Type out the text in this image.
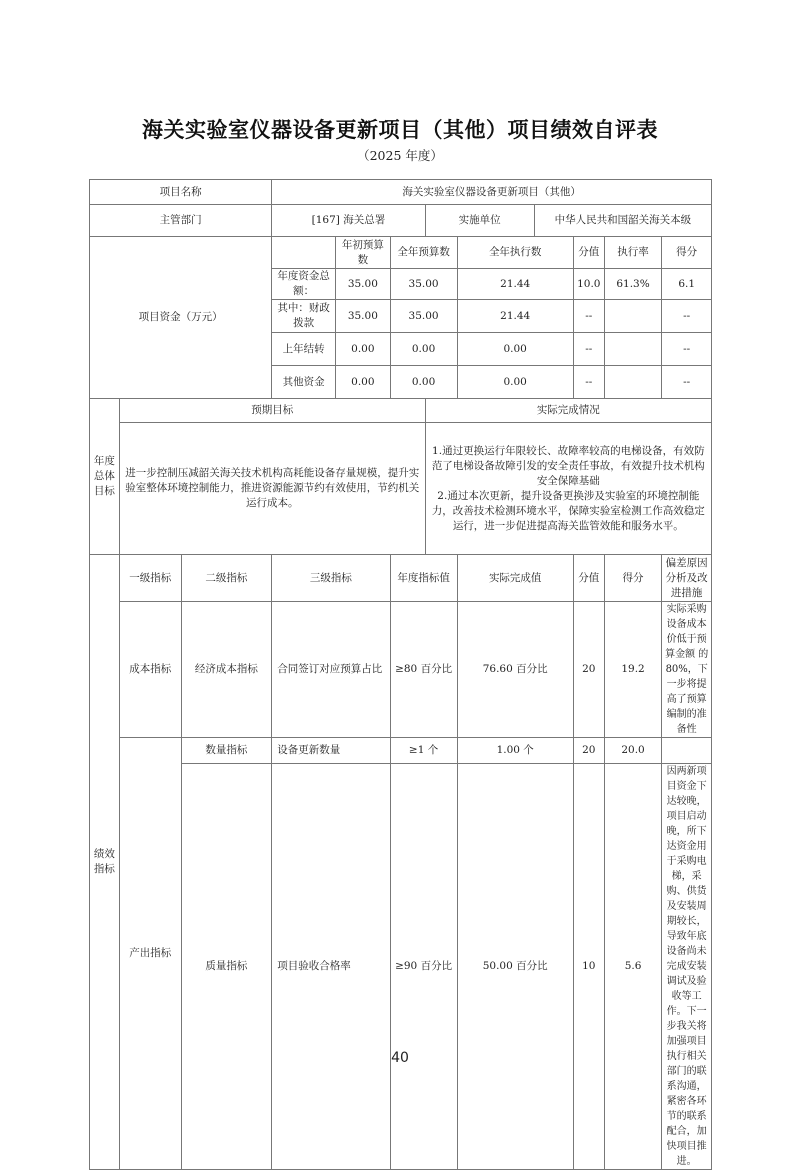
海关实验室仪器设备更新项目（其他）项目绩效自评表
（2025 年度）
项目名称			海关实验室仪器设备更新项目（其他）								
主管部门			[167] 海关总署			实施单位		中华人民共和国韶关海关本级			
项目资金（万元）				年初预算数	全年预算数		全年执行数		分值	执行率	得分
			年度资金总额：	35.00	35.00		21.44		10.0	61.3%	6.1
			其中：财政拨款	35.00	35.00		21.44		--		--
			上年结转	0.00	0.00		0.00		--		--
			其他资金	0.00	0.00		0.00		--		--
年度总体目标	预期目标					实际完成情况					
	进一步控制压减韶关海关技术机构高耗能设备存量规模，提升实验室整体环境控制能力，推进资源能源节约有效使用，节约机关运行成本。					1.通过更换运行年限较长、故障率较高的电梯设备，有效防范了电梯设备故障引发的安全责任事故，有效提升技术机构安全保障基础
2.通过本次更新，提升设备更换涉及实验室的环境控制能力，改善技术检测环境水平，保障实验室检测工作高效稳定运行，进一步促进提高海关监管效能和服务水平。					
绩效指标	一级指标	二级指标	三级指标		年度指标值		实际完成值		分值	得分	偏差原因分析及改进措施
	成本指标	经济成本指标	合同签订对应预算占比		≥80 百分比		76.60 百分比		20	19.2	实际采购设备成本价低于预算金额 的80%，下一步将提高了预算编制的准备性
	产出指标	数量指标	设备更新数量		≥1 个		1.00 个		20	20.0	
		质量指标	项目验收合格率		≥90 百分比		50.00 百分比		10	5.6	因两新项目资金下达较晚，项目启动晚，所下达资金用于采购电梯，采购、供货及安装周期较长，导致年底设备尚未完成安装调试及验收等工作。下一步我关将加强项目执行相关部门的联系沟通，紧密各环节的联系配合，加快项目推进。
40
